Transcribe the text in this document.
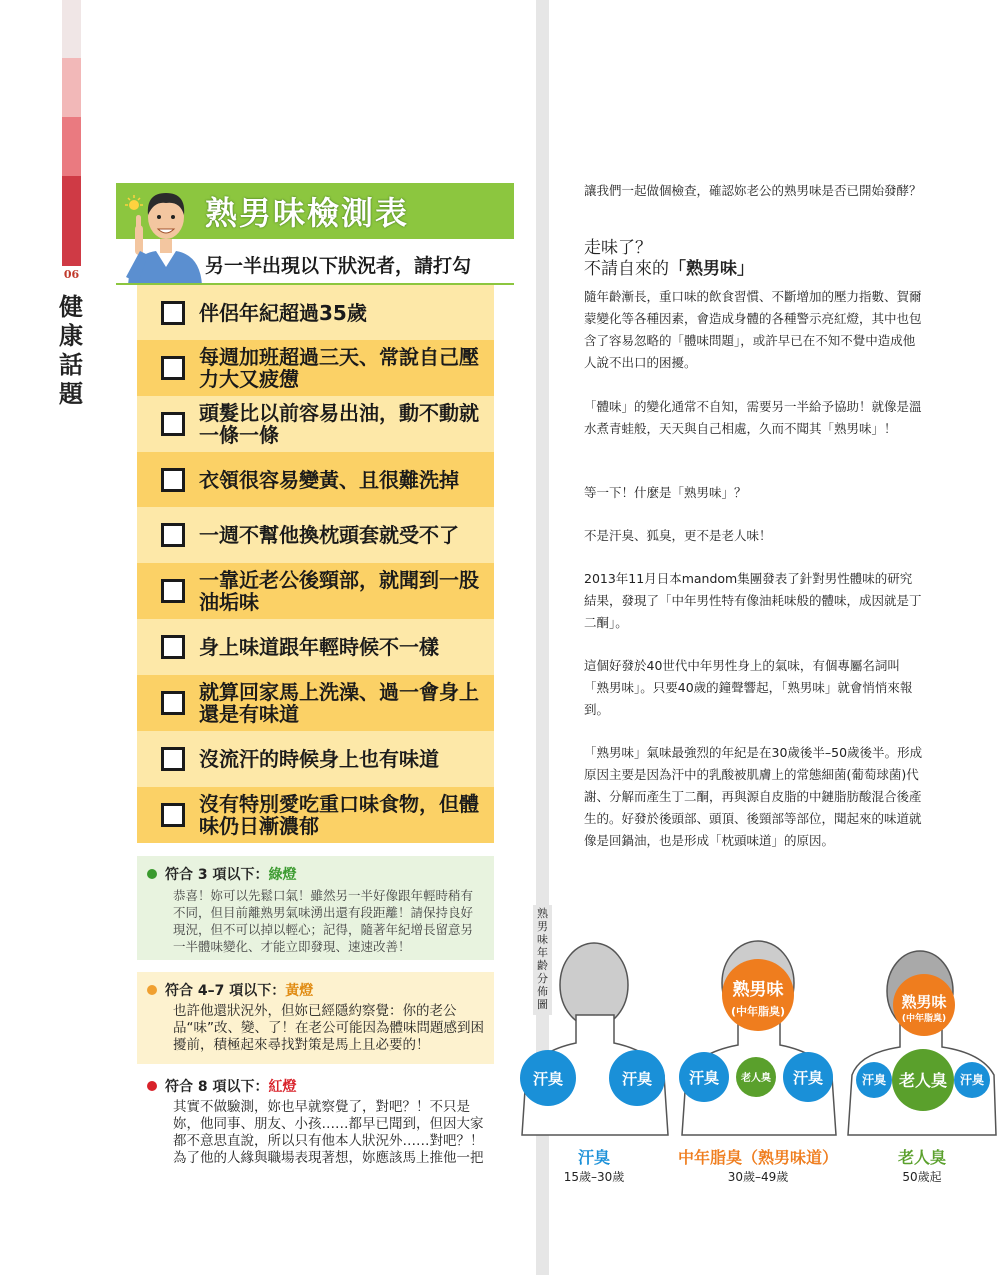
06
健
康
話
題
熟男味檢測表
另一半出現以下狀況者，請打勾
伴侶年紀超過35歲
每週加班超過三天、常說自己壓力大又疲憊
頭髮比以前容易出油，動不動就一條一條
衣領很容易變黃、且很難洗掉
一週不幫他換枕頭套就受不了
一靠近老公後頸部，就聞到一股油垢味
身上味道跟年輕時候不一樣
就算回家馬上洗澡、過一會身上還是有味道
沒流汗的時候身上也有味道
沒有特別愛吃重口味食物，但體味仍日漸濃郁
符合 3 項以下： 綠燈
恭喜！妳可以先鬆口氣！雖然另一半好像跟年輕時稍有不同，但目前離熟男氣味湧出還有段距離！請保持良好現況，但不可以掉以輕心；記得，隨著年紀增長留意另一半體味變化、才能立即發現、速速改善！
符合 4–7 項以下： 黃燈
也許他還狀況外，但妳已經隱約察覺：你的老公品“味”改、變、了！在老公可能因為體味問題感到困擾前，積極起來尋找對策是馬上且必要的！
符合 8 項以下： 紅燈
其實不做驗測，妳也早就察覺了，對吧？！不只是妳，他同事、朋友、小孩……都早已聞到，但因大家都不意思直說，所以只有他本人狀況外……對吧？！為了他的人緣與職場表現著想，妳應該馬上推他一把

讓我們一起做個檢查，確認妳老公的熟男味是否已開始發酵？

走味了？
不請自來的「熟男味」

隨年齡漸長，重口味的飲食習慣、不斷增加的壓力指數、賀爾蒙變化等各種因素，會造成身體的各種警示亮紅燈，其中也包含了容易忽略的「體味問題」，或許早已在不知不覺中造成他人說不出口的困擾。

「體味」的變化通常不自知，需要另一半給予協助！就像是溫水煮青蛙般，天天與自己相處，久而不聞其「熟男味」！

等一下！什麼是「熟男味」？

不是汗臭、狐臭，更不是老人味！

2013年11月日本mandom集團發表了針對男性體味的研究結果，發現了「中年男性特有像油耗味般的體味，成因就是丁二酮」。

這個好發於40世代中年男性身上的氣味，有個專屬名詞叫「熟男味」。只要40歲的鐘聲響起，「熟男味」就會悄悄來報到。

「熟男味」氣味最強烈的年紀是在30歲後半–50歲後半。形成原因主要是因為汗中的乳酸被肌膚上的常態細菌(葡萄球菌)代謝、分解而產生丁二酮，再與源自皮脂的中鏈脂肪酸混合後產生的。好發於後頭部、頭頂、後頸部等部位，聞起來的味道就像是回鍋油，也是形成「枕頭味道」的原因。

熟男味年齡分佈圖
汗臭	汗臭
熟男味
(中年脂臭)
汗臭 老人臭 汗臭
熟男味
(中年脂臭)
汗臭 老人臭 汗臭
汗臭
15歲–30歲
中年脂臭（熟男味道）
30歲–49歲
老人臭
50歲起
